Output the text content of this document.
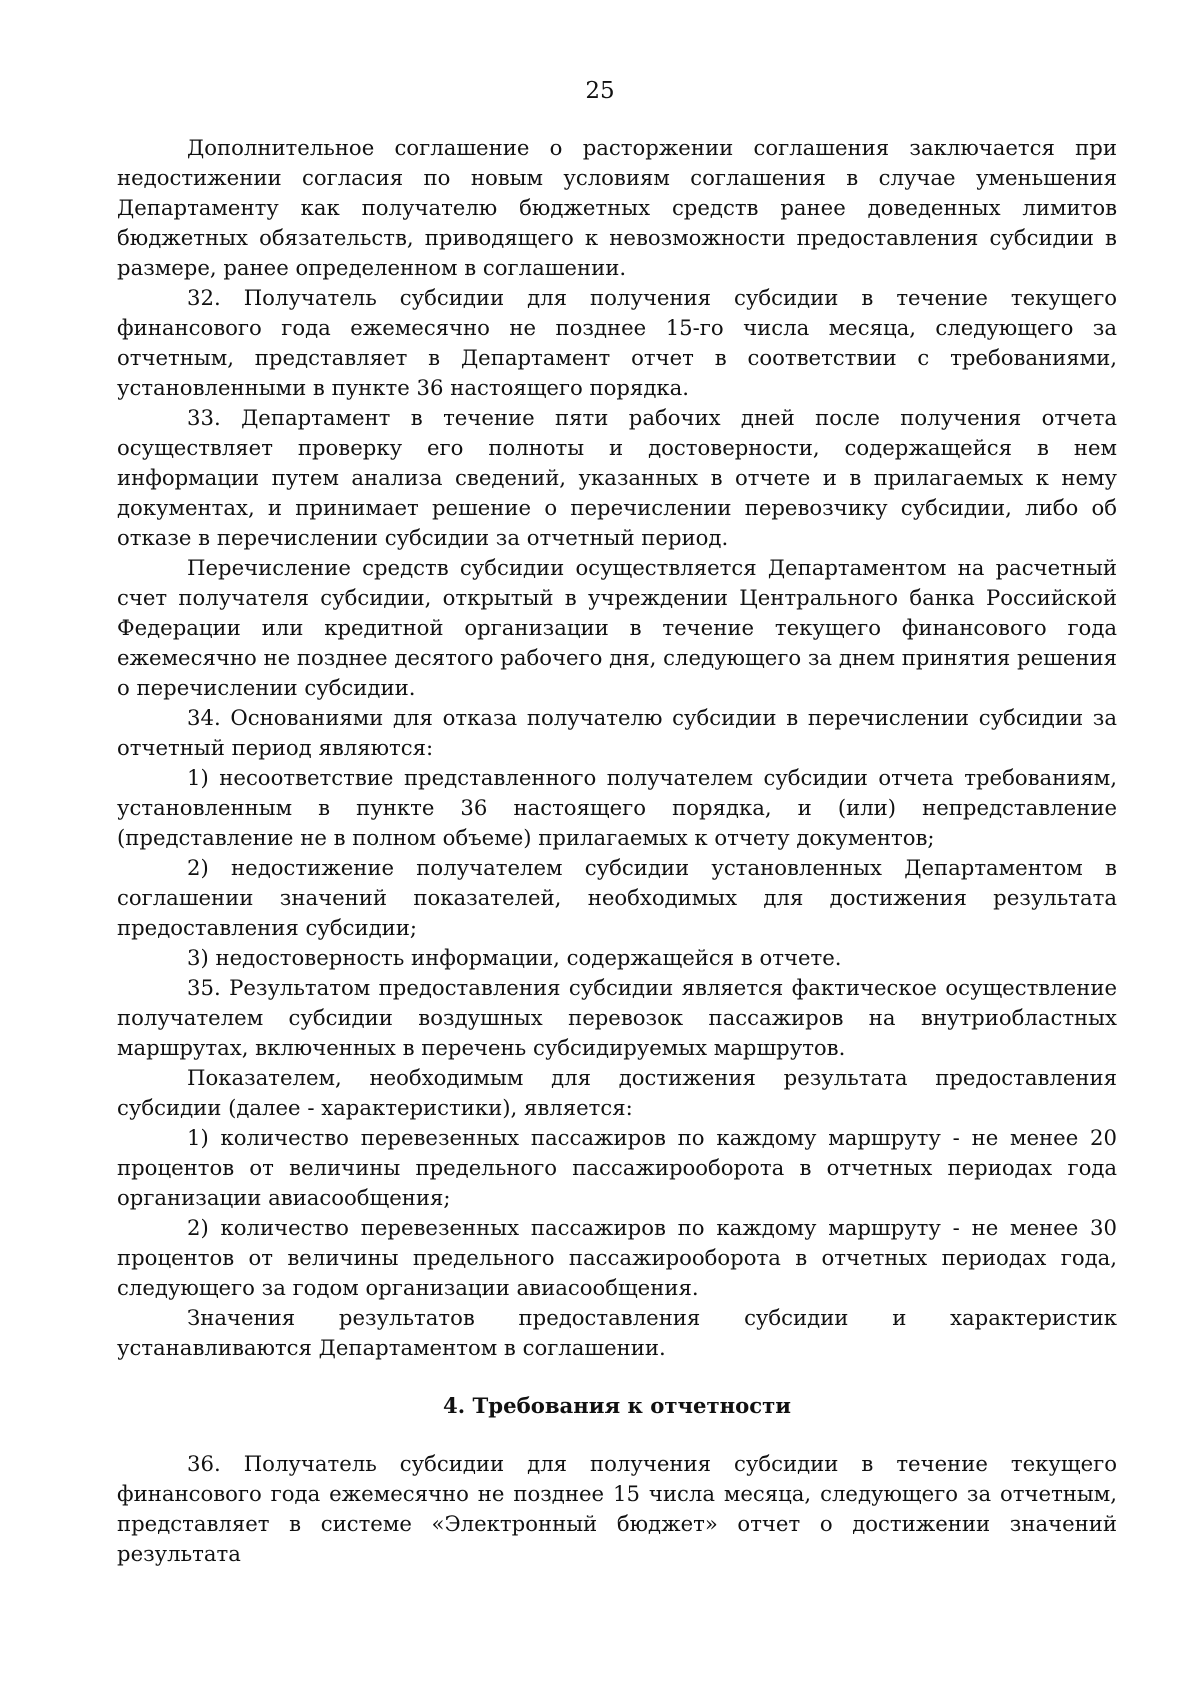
25

Дополнительное соглашение о расторжении соглашения заключается при недостижении согласия по новым условиям соглашения в случае уменьшения Департаменту как получателю бюджетных средств ранее доведенных лимитов бюджетных обязательств, приводящего к невозможности предоставления субсидии в размере, ранее определенном в соглашении.

32. Получатель субсидии для получения субсидии в течение текущего финансового года ежемесячно не позднее 15-го числа месяца, следующего за отчетным, представляет в Департамент отчет в соответствии с требованиями, установленными в пункте 36 настоящего порядка.

33. Департамент в течение пяти рабочих дней после получения отчета осуществляет проверку его полноты и достоверности, содержащейся в нем информации путем анализа сведений, указанных в отчете и в прилагаемых к нему документах, и принимает решение о перечислении перевозчику субсидии, либо об отказе в перечислении субсидии за отчетный период.

Перечисление средств субсидии осуществляется Департаментом на расчетный счет получателя субсидии, открытый в учреждении Центрального банка Российской Федерации или кредитной организации в течение текущего финансового года ежемесячно не позднее десятого рабочего дня, следующего за днем принятия решения о перечислении субсидии.

34. Основаниями для отказа получателю субсидии в перечислении субсидии за отчетный период являются:

1) несоответствие представленного получателем субсидии отчета требованиям, установленным в пункте 36 настоящего порядка, и (или) непредставление (представление не в полном объеме) прилагаемых к отчету документов;

2) недостижение получателем субсидии установленных Департаментом в соглашении значений показателей, необходимых для достижения результата предоставления субсидии;

3) недостоверность информации, содержащейся в отчете.

35. Результатом предоставления субсидии является фактическое осуществление получателем субсидии воздушных перевозок пассажиров на внутриобластных маршрутах, включенных в перечень субсидируемых маршрутов.

Показателем, необходимым для достижения результата предоставления субсидии (далее - характеристики), является:

1) количество перевезенных пассажиров по каждому маршруту - не менее 20 процентов от величины предельного пассажирооборота в отчетных периодах года организации авиасообщения;

2) количество перевезенных пассажиров по каждому маршруту - не менее 30 процентов от величины предельного пассажирооборота в отчетных периодах года, следующего за годом организации авиасообщения.

Значения результатов предоставления субсидии и характеристик устанавливаются Департаментом в соглашении.

4. Требования к отчетности

36. Получатель субсидии для получения субсидии в течение текущего финансового года ежемесячно не позднее 15 числа месяца, следующего за отчетным, представляет в системе «Электронный бюджет» отчет о достижении значений результата
